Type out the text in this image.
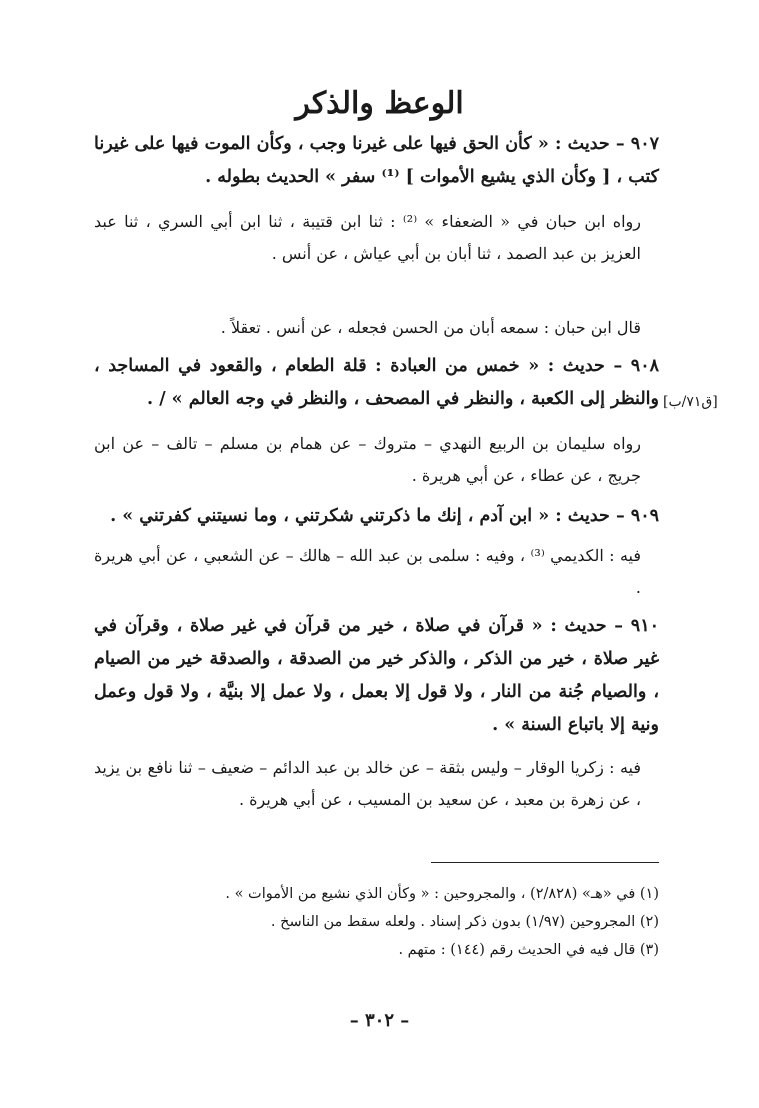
الوعظ والذكر
٩٠٧ – حديث : « كأن الحق فيها على غيرنا وجب ، وكأن الموت فيها على غيرنا كتب ، [ وكأن الذي يشيع الأموات ] ⁽¹⁾ سفر » الحديث بطوله .
رواه ابن حبان في « الضعفاء » ⁽²⁾ : ثنا ابن قتيبة ، ثنا ابن أبي السري ، ثنا عبد العزيز بن عبد الصمد ، ثنا أبان بن أبي عياش ، عن أنس .
قال ابن حبان : سمعه أبان من الحسن فجعله ، عن أنس . تعقلاً .
٩٠٨ – حديث : « خمس من العبادة : قلة الطعام ، والقعود في المساجد ، والنظر إلى الكعبة ، والنظر في المصحف ، والنظر في وجه العالم » / . [ق٧١/ب]
رواه سليمان بن الربيع النهدي – متروك – عن همام بن مسلم – تالف – عن ابن جريج ، عن عطاء ، عن أبي هريرة .
٩٠٩ – حديث : « ابن آدم ، إنك ما ذكرتني شكرتني ، وما نسيتني كفرتني » .
فيه : الكديمي ⁽³⁾ ، وفيه : سلمى بن عبد الله – هالك – عن الشعبي ، عن أبي هريرة .
٩١٠ – حديث : « قرآن في صلاة ، خير من قرآن في غير صلاة ، وقرآن في غير صلاة ، خير من الذكر ، والذكر خير من الصدقة ، والصدقة خير من الصيام ، والصيام جُنة من النار ، ولا قول إلا بعمل ، ولا عمل إلا بنيَّة ، ولا قول وعمل ونية إلا باتباع السنة » .
فيه : زكريا الوقار – وليس بثقة – عن خالد بن عبد الدائم – ضعيف – ثنا نافع بن يزيد ، عن زهرة بن معبد ، عن سعيد بن المسيب ، عن أبي هريرة .
(١) في «هـ» (٢/٨٢٨) ، والمجروحين : « وكأن الذي نشيع من الأموات » .
(٢) المجروحين (١/٩٧) بدون ذكر إسناد . ولعله سقط من الناسخ .
(٣) قال فيه في الحديث رقم (١٤٤) : متهم .
– ٣٠٢ –
